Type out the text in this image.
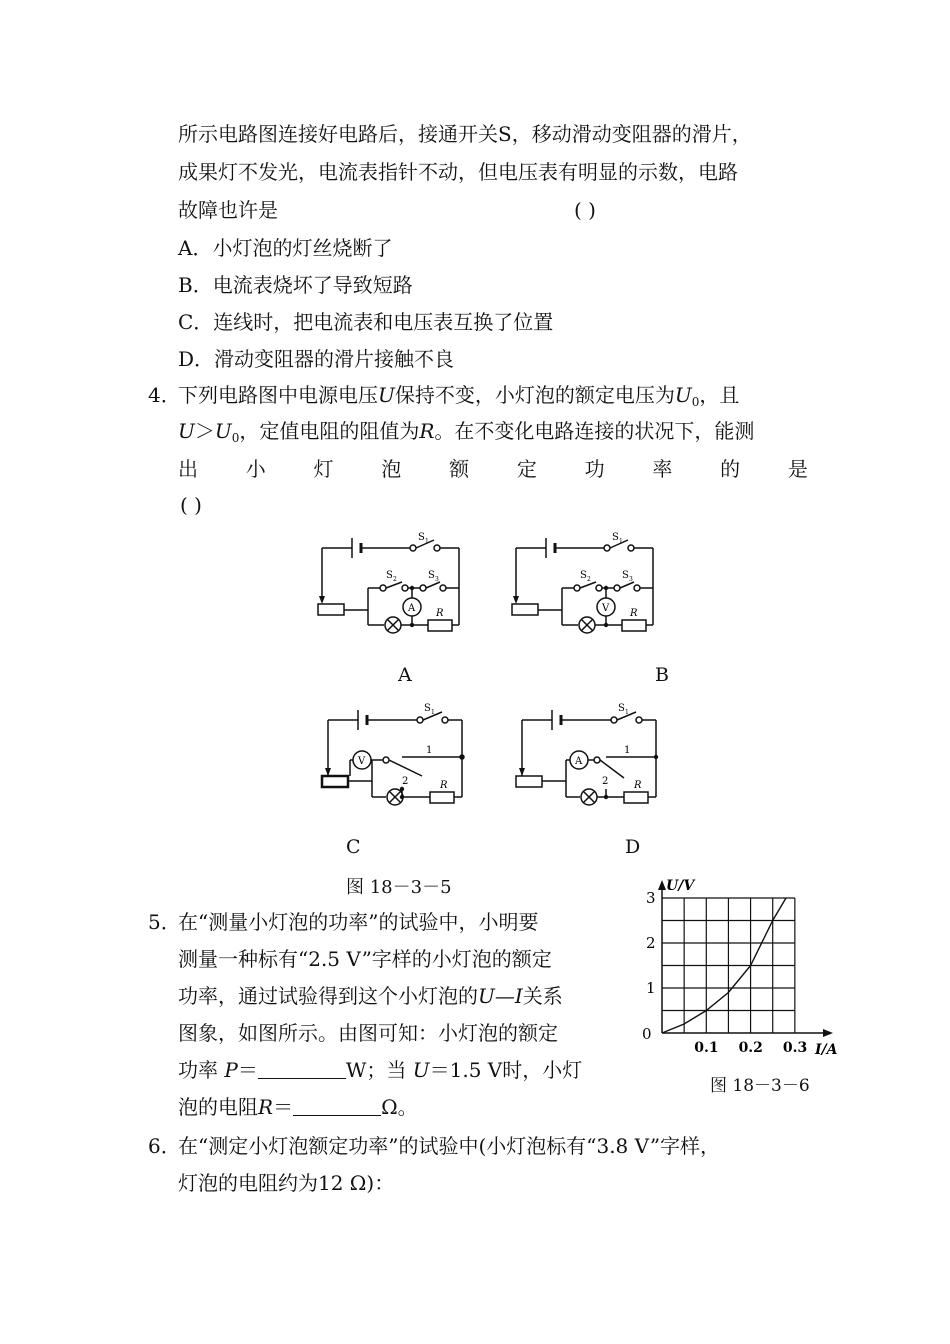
所示电路图连接好电路后，接通开关S，移动滑动变阻器的滑片，
成果灯不发光，电流表指针不动，但电压表有明显的示数，电路
故障也许是	( )
A．小灯泡的灯丝烧断了
B．电流表烧坏了导致短路
C．连线时，把电流表和电压表互换了位置
D．滑动变阻器的滑片接触不良
4．
下列电路图中电源电压U保持不变，小灯泡的额定电压为$U_0$，且
$U>U_0$，定值电阻的阻值为R。在不变化电路连接的状况下，能测
出 小 灯 泡 额 定 功 率 的 是
( )
A
S 1
S 2	S 3
R	V
S 1
S 2	S 3
R
A	B
V
S 1
1
2	R
A
S 1
1
2	R
C	D
图 18－3－5
5．
在“测量小灯泡的功率”的试验中，小明要
测量一种标有“2.5 V”字样的小灯泡的额定
功率，通过试验得到这个小灯泡的U—I关系
图象，如图所示。由图可知：小灯泡的额定
功率 P＝	W；当 U＝1.5 V时，小灯
泡的电阻R＝	Ω。
0.1 0.2 0.3
1
2
3
0
I/A
U/V
图 18－3－6
6．
在“测定小灯泡额定功率”的试验中(小灯泡标有“3.8 V”字样，
灯泡的电阻约为12 Ω)：
